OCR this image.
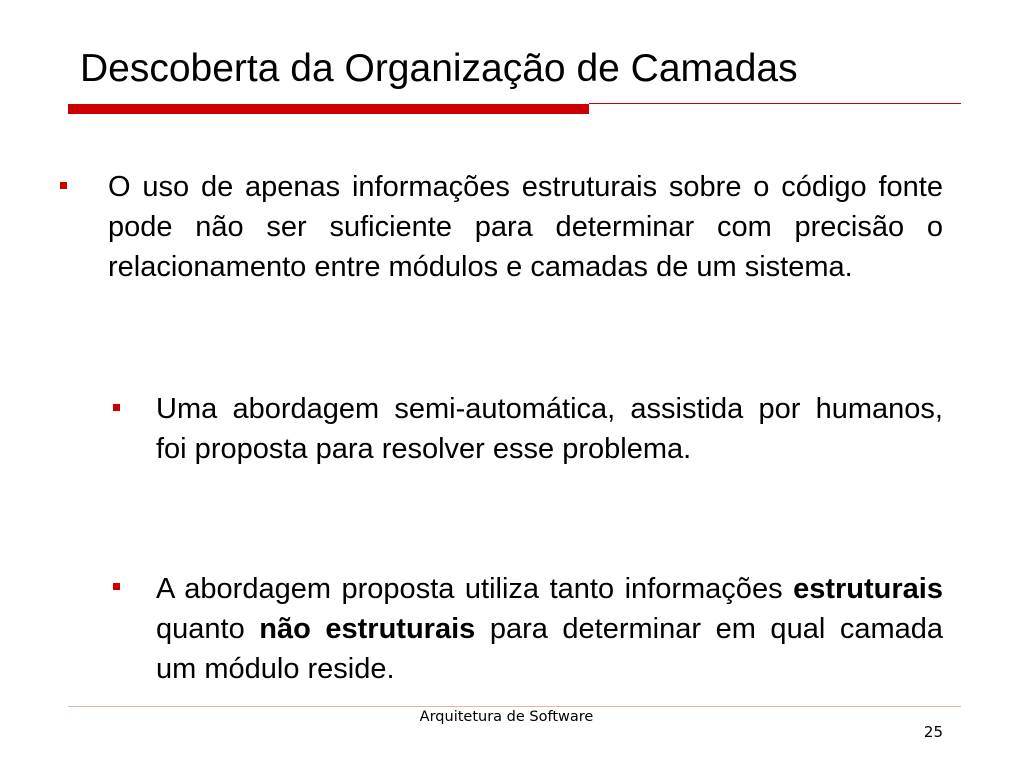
Descoberta da Organização de Camadas
O uso de apenas informações estruturais sobre o código fonte pode não ser suficiente para determinar com precisão o relacionamento entre módulos e camadas de um sistema.
Uma abordagem semi-automática, assistida por humanos, foi proposta para resolver esse problema.
A abordagem proposta utiliza tanto informações estruturais quanto não estruturais para determinar em qual camada um módulo reside.
Arquitetura de Software
25
